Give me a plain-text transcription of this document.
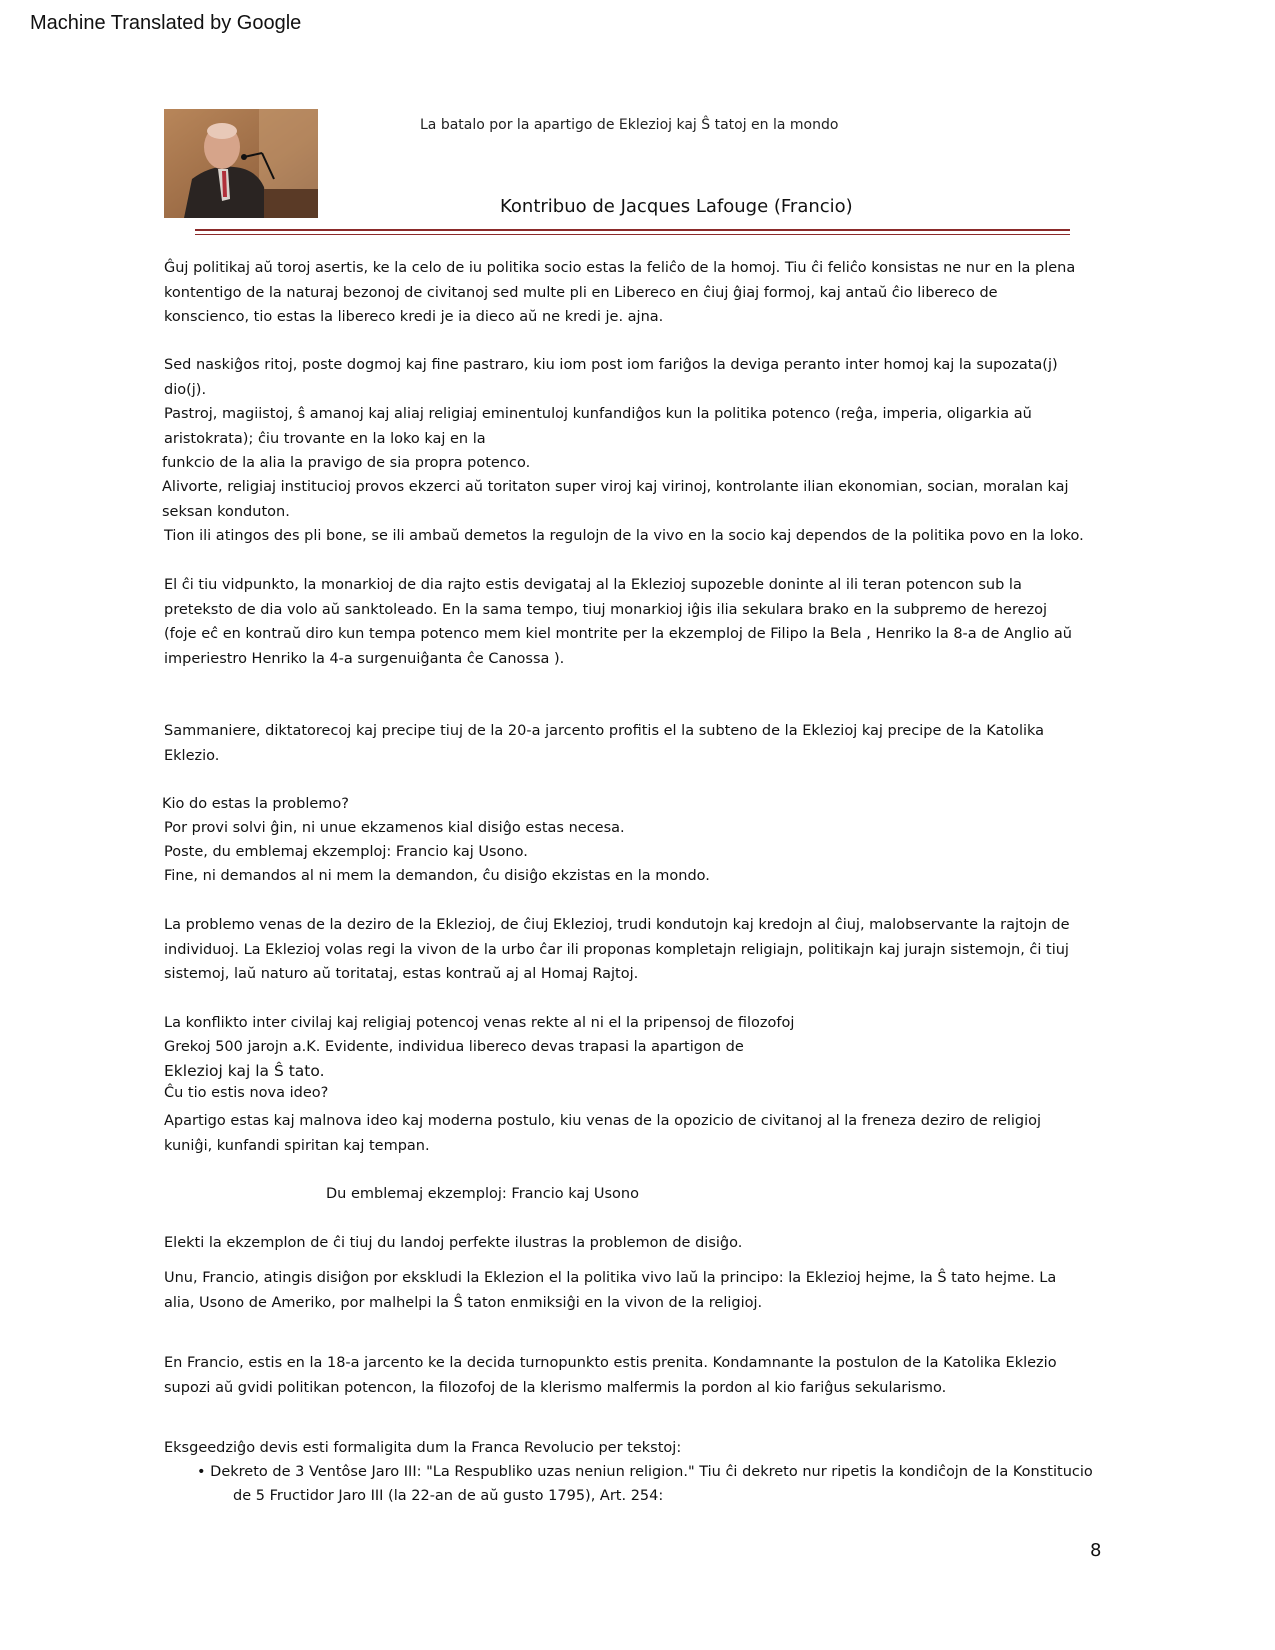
Machine Translated by Google
La batalo por la apartigo de Eklezioj kaj Ŝ tatoj en la mondo
Kontribuo de Jacques Lafouge (Francio)

Ĝuj politikaj aŭ toroj asertis, ke la celo de iu politika socio estas la feliĉo de la homoj. Tiu ĉi feliĉo konsistas ne nur en la plena kontentigo de la naturaj bezonoj de civitanoj sed multe pli en Libereco en ĉiuj ĝiaj formoj, kaj antaŭ ĉio libereco de konscienco, tio estas la libereco kredi je ia dieco aŭ ne kredi je. ajna.

Sed naskiĝos ritoj, poste dogmoj kaj fine pastraro, kiu iom post iom fariĝos la deviga peranto inter homoj kaj la supozata(j) dio(j).

Pastroj, magiistoj, ŝ amanoj kaj aliaj religiaj eminentuloj kunfandiĝos kun la politika potenco (reĝa, imperia, oligarkia aŭ aristokrata); ĉiu trovante en la loko kaj en la

funkcio de la alia la pravigo de sia propra potenco.

Alivorte, religiaj institucioj provos ekzerci aŭ toritaton super viroj kaj virinoj, kontrolante ilian ekonomian, socian, moralan kaj seksan konduton.

Tion ili atingos des pli bone, se ili ambaŭ demetos la regulojn de la vivo en la socio kaj dependos de la politika povo en la loko.

El ĉi tiu vidpunkto, la monarkioj de dia rajto estis devigataj al la Eklezioj supozeble doninte al ili teran potencon sub la preteksto de dia volo aŭ sanktoleado. En la sama tempo, tiuj monarkioj iĝis ilia sekulara brako en la subpremo de herezoj (foje eĉ en kontraŭ diro kun tempa potenco mem kiel montrite per la ekzemploj de Filipo la Bela , Henriko la 8-a de Anglio aŭ imperiestro Henriko la 4-a surgenuiĝanta ĉe Canossa ).

Sammaniere, diktatorecoj kaj precipe tiuj de la 20-a jarcento profitis el la subteno de la Eklezioj kaj precipe de la Katolika Eklezio.

Kio do estas la problemo?

Por provi solvi ĝin, ni unue ekzamenos kial disiĝo estas necesa.

Poste, du emblemaj ekzemploj: Francio kaj Usono.

Fine, ni demandos al ni mem la demandon, ĉu disiĝo ekzistas en la mondo.

La problemo venas de la deziro de la Eklezioj, de ĉiuj Eklezioj, trudi kondutojn kaj kredojn al ĉiuj, malobservante la rajtojn de individuoj. La Eklezioj volas regi la vivon de la urbo ĉar ili proponas kompletajn religiajn, politikajn kaj jurajn sistemojn, ĉi tiuj sistemoj, laŭ naturo aŭ toritataj, estas kontraŭ aj al Homaj Rajtoj.

La konflikto inter civilaj kaj religiaj potencoj venas rekte al ni el la pripensoj de filozofoj

Grekoj 500 jarojn a.K. Evidente, individua libereco devas trapasi la apartigon de

Eklezioj kaj la Ŝ tato.

Ĉu tio estis nova ideo?

Apartigo estas kaj malnova ideo kaj moderna postulo, kiu venas de la opozicio de civitanoj al la freneza deziro de religioj kuniĝi, kunfandi spiritan kaj tempan.

Du emblemaj ekzemploj: Francio kaj Usono

Elekti la ekzemplon de ĉi tiuj du landoj perfekte ilustras la problemon de disiĝo.

Unu, Francio, atingis disiĝon por ekskludi la Eklezion el la politika vivo laŭ la principo: la Eklezioj hejme, la Ŝ tato hejme. La alia, Usono de Ameriko, por malhelpi la Ŝ taton enmiksiĝi en la vivon de la religioj.

En Francio, estis en la 18-a jarcento ke la decida turnopunkto estis prenita. Kondamnante la postulon de la Katolika Eklezio supozi aŭ gvidi politikan potencon, la filozofoj de la klerismo malfermis la pordon al kio fariĝus sekularismo.

Eksgeedziĝo devis esti formaligita dum la Franca Revolucio per tekstoj:

• Dekreto de 3 Ventôse Jaro III: "La Respubliko uzas neniun religion." Tiu ĉi dekreto nur ripetis la kondiĉojn de la Konstitucio

de 5 Fructidor Jaro III (la 22-an de aŭ gusto 1795), Art. 254:

8
